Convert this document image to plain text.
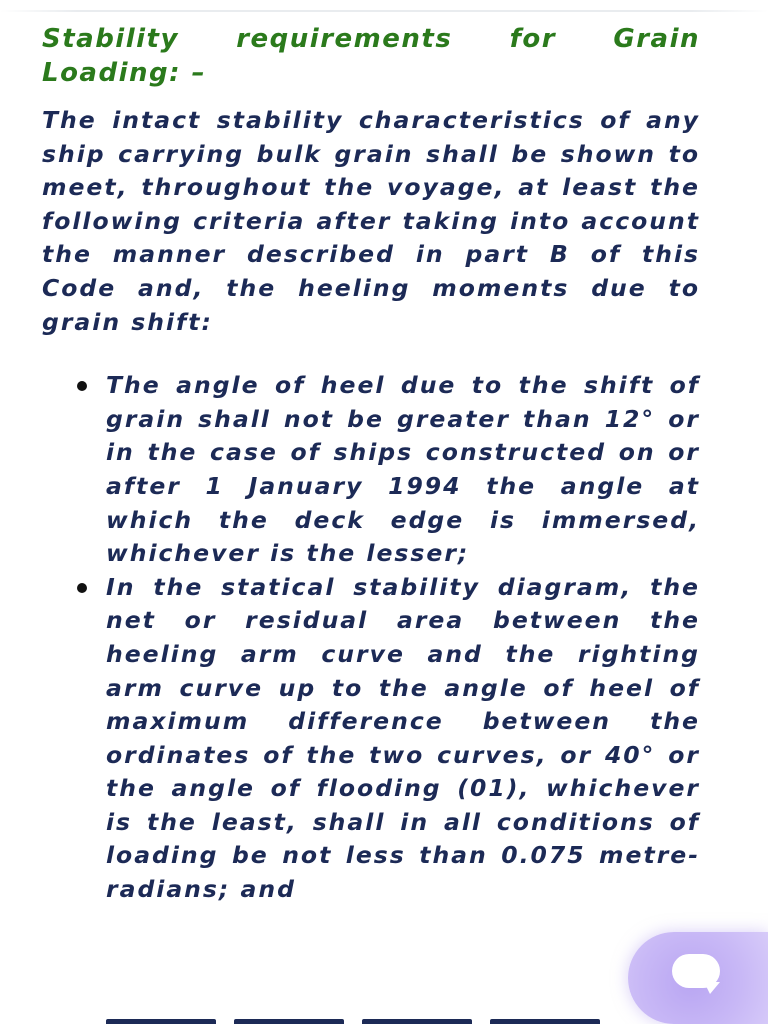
Stability requirements for Grain Loading: –

The intact stability characteristics of any ship carrying bulk grain shall be shown to meet, throughout the voyage, at least the following criteria after taking into account the manner described in part B of this Code and, the heeling moments due to grain shift:

The angle of heel due to the shift of grain shall not be greater than 12° or in the case of ships constructed on or after 1 January 1994 the angle at which the deck edge is immersed, whichever is the lesser;
In the statical stability diagram, the net or residual area between the heeling arm curve and the righting arm curve up to the angle of heel of maximum difference between the ordinates of the two curves, or 40° or the angle of flooding (01), whichever is the least, shall in all conditions of loading be not less than 0.075 metre-radians; and
